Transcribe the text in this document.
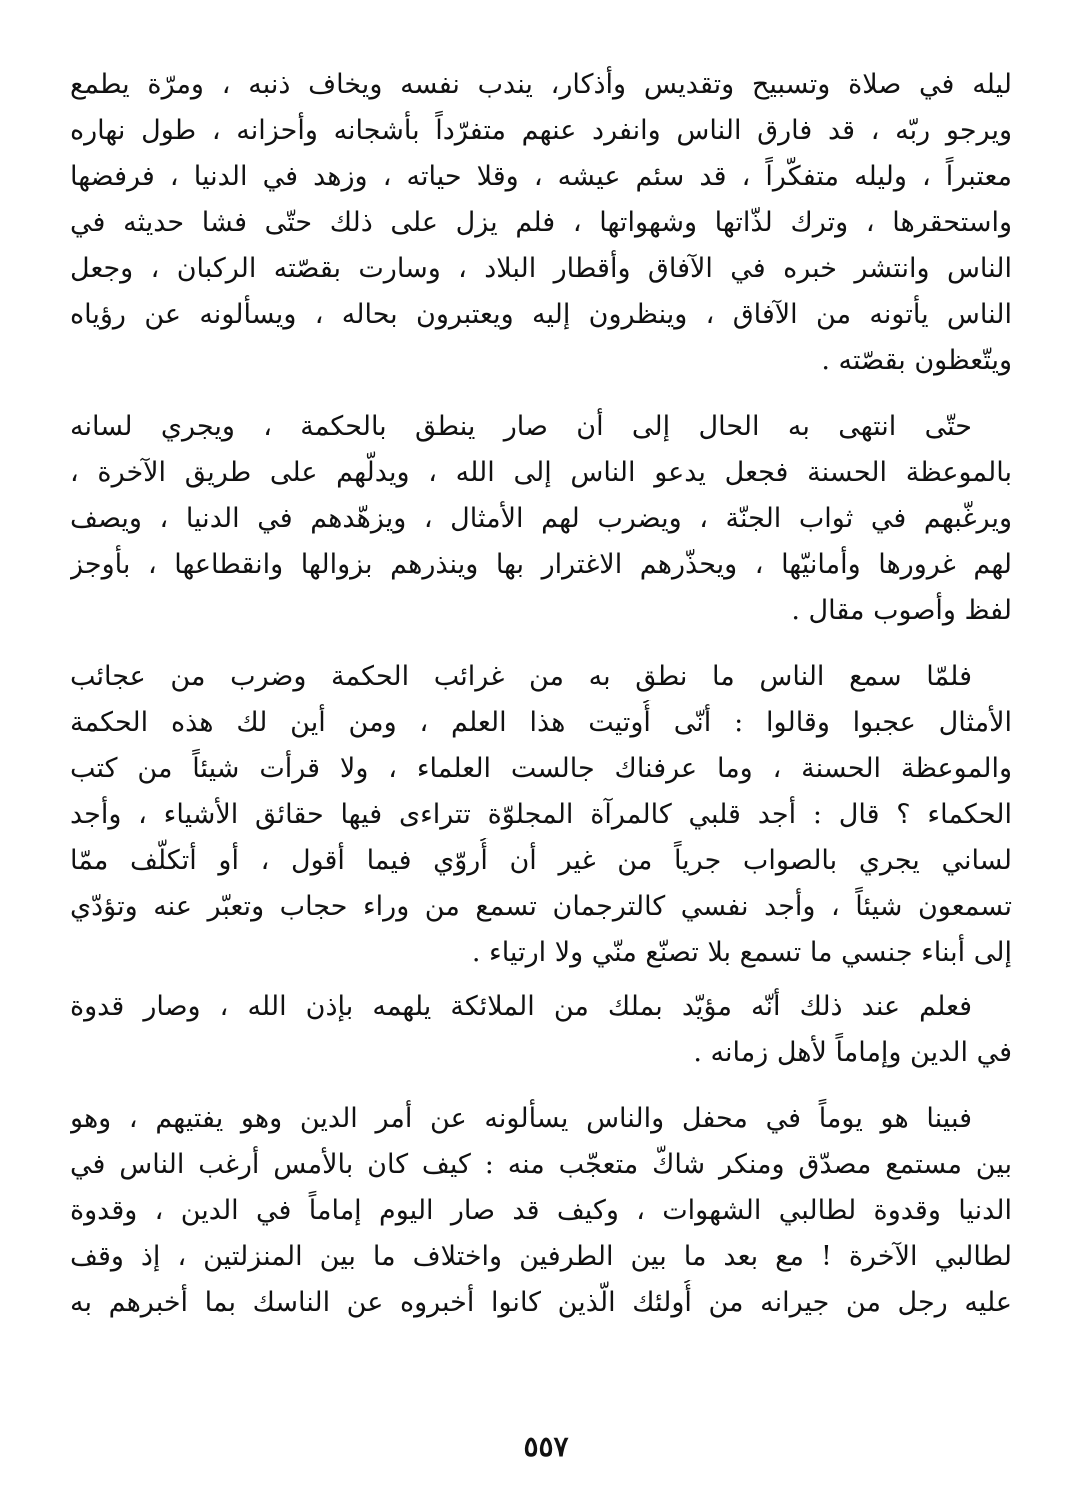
ليله في صلاة وتسبيح وتقديس وأذكار، يندب نفسه ويخاف ذنبه ، ومرّة يطمع
ويرجو ربّه ، قد فارق الناس وانفرد عنهم متفرّداً بأشجانه وأحزانه ، طول نهاره
معتبراً ، وليله متفكّراً ، قد سئم عيشه ، وقلا حياته ، وزهد في الدنيا ، فرفضها
واستحقرها ، وترك لذّاتها وشهواتها ، فلم يزل على ذلك حتّى فشا حديثه في
الناس وانتشر خبره في الآفاق وأقطار البلاد ، وسارت بقصّته الركبان ، وجعل
الناس يأتونه من الآفاق ، وينظرون إليه ويعتبرون بحاله ، ويسألونه عن رؤياه
ويتّعظون بقصّته .
حتّى انتهى به الحال إلى أن صار ينطق بالحكمة ، ويجري لسانه
بالموعظة الحسنة فجعل يدعو الناس إلى الله ، ويدلّهم على طريق الآخرة ،
ويرغّبهم في ثواب الجنّة ، ويضرب لهم الأمثال ، ويزهّدهم في الدنيا ، ويصف
لهم غرورها وأمانيّها ، ويحذّرهم الاغترار بها وينذرهم بزوالها وانقطاعها ، بأوجز
لفظ وأصوب مقال .
فلمّا سمع الناس ما نطق به من غرائب الحكمة وضرب من عجائب
الأمثال عجبوا وقالوا : أنّى أُوتيت هذا العلم ، ومن أين لك هذه الحكمة
والموعظة الحسنة ، وما عرفناك جالست العلماء ، ولا قرأت شيئاً من كتب
الحكماء ؟ قال : أجد قلبي كالمرآة المجلوّة تتراءى فيها حقائق الأشياء ، وأجد
لساني يجري بالصواب جرياً من غير أن أُروّي فيما أقول ، أو أتكلّف ممّا
تسمعون شيئاً ، وأجد نفسي كالترجمان تسمع من وراء حجاب وتعبّر عنه وتؤدّي
إلى أبناء جنسي ما تسمع بلا تصنّع منّي ولا ارتياء .
فعلم عند ذلك أنّه مؤيّد بملك من الملائكة يلهمه بإذن الله ، وصار قدوة
في الدين وإماماً لأهل زمانه .
فبينا هو يوماً في محفل والناس يسألونه عن أمر الدين وهو يفتيهم ، وهو
بين مستمع مصدّق ومنكر شاكّ متعجّب منه : كيف كان بالأمس أرغب الناس في
الدنيا وقدوة لطالبي الشهوات ، وكيف قد صار اليوم إماماً في الدين ، وقدوة
لطالبي الآخرة ! مع بعد ما بين الطرفين واختلاف ما بين المنزلتين ، إذ وقف
عليه رجل من جيرانه من أُولئك الّذين كانوا أخبروه عن الناسك بما أخبرهم به
٥٥٧
